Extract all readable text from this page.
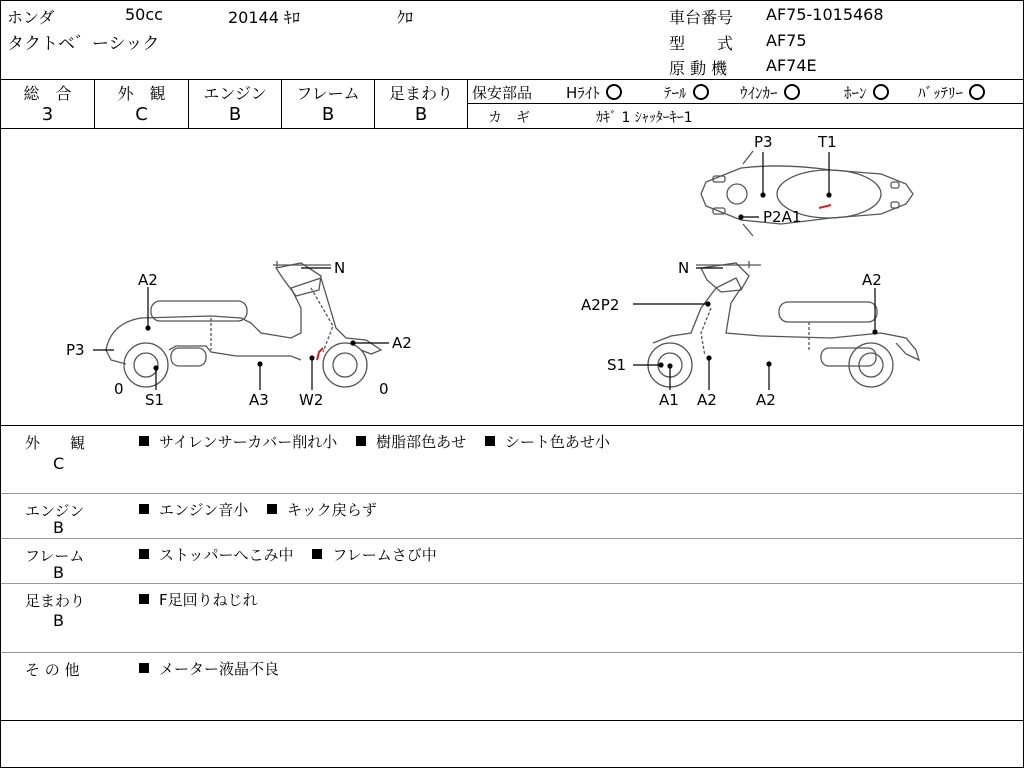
ホンダ	50cc	20144 ｷﾛ	ｸﾛ
タクトベ゛ーシック
車台番号 AF75-1015468
型　　式 AF75
原 動 機 AF74E
総　合
3
外　観
C
エンジン
B
フレーム
B
足まわり
B
保安部品 Hﾗｲﾄ	ﾃｰﾙ	ｳｲﾝｶｰ	ﾎｰﾝ	ﾊﾞｯﾃﾘｰ
カ　ギ	ｶｷﾞ 1 ｼｬｯﾀｰｷｰ1
N
A2
P3	A2
0
S1	A3 W2
0
P3	T1
P2A1
N
A2
A2P2
S1
A1 A2	A2
外　　観
C
サイレンサーカバー削れ小	樹脂部色あせ	シート色あせ小
エンジン
B
エンジン音小	キック戻らず
フレーム
B
ストッパーへこみ中	フレームさび中
足まわり
B
F足回りねじれ
そ の 他	メーター液晶不良
